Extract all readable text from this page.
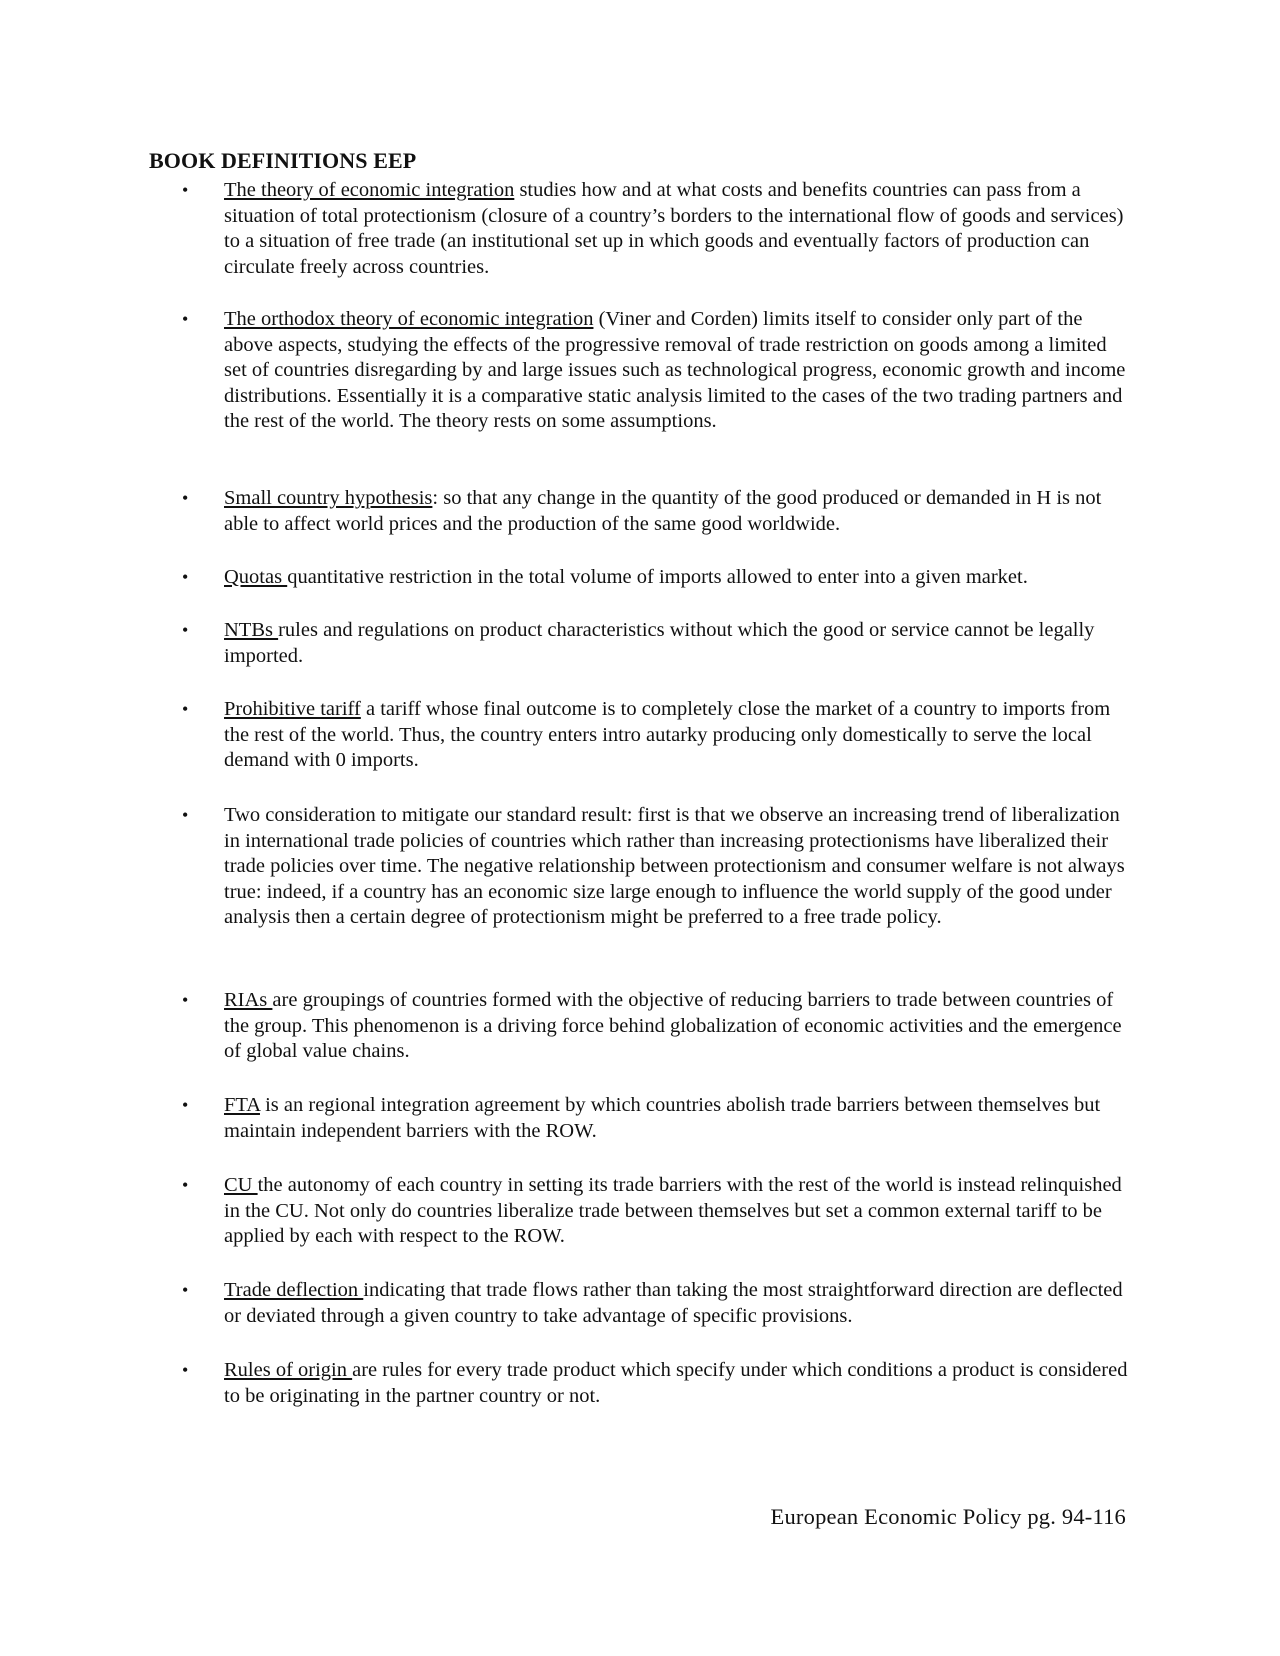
BOOK DEFINITIONS EEP
• The theory of economic integration studies how and at what costs and benefits countries can pass from a situation of total protectionism (closure of a country’s borders to the international flow of goods and services) to a situation of free trade (an institutional set up in which goods and eventually factors of production can circulate freely across countries.
• The orthodox theory of economic integration (Viner and Corden) limits itself to consider only part of the above aspects, studying the effects of the progressive removal of trade restriction on goods among a limited set of countries disregarding by and large issues such as technological progress, economic growth and income distributions. Essentially it is a comparative static analysis limited to the cases of the two trading partners and the rest of the world. The theory rests on some assumptions.
• Small country hypothesis: so that any change in the quantity of the good produced or demanded in H is not able to affect world prices and the production of the same good worldwide.
• Quotas quantitative restriction in the total volume of imports allowed to enter into a given market.
• NTBs rules and regulations on product characteristics without which the good or service cannot be legally imported.
• Prohibitive tariff a tariff whose final outcome is to completely close the market of a country to imports from the rest of the world. Thus, the country enters intro autarky producing only domestically to serve the local demand with 0 imports.
• Two consideration to mitigate our standard result: first is that we observe an increasing trend of liberalization in international trade policies of countries which rather than increasing protectionisms have liberalized their trade policies over time. The negative relationship between protectionism and consumer welfare is not always true: indeed, if a country has an economic size large enough to influence the world supply of the good under analysis then a certain degree of protectionism might be preferred to a free trade policy.
• RIAs are groupings of countries formed with the objective of reducing barriers to trade between countries of the group. This phenomenon is a driving force behind globalization of economic activities and the emergence of global value chains.
• FTA is an regional integration agreement by which countries abolish trade barriers between themselves but maintain independent barriers with the ROW.
• CU the autonomy of each country in setting its trade barriers with the rest of the world is instead relinquished in the CU. Not only do countries liberalize trade between themselves but set a common external tariff to be applied by each with respect to the ROW.
• Trade deflection indicating that trade flows rather than taking the most straightforward direction are deflected or deviated through a given country to take advantage of specific provisions.
• Rules of origin are rules for every trade product which specify under which conditions a product is considered to be originating in the partner country or not.

European Economic Policy pg. 94-116
